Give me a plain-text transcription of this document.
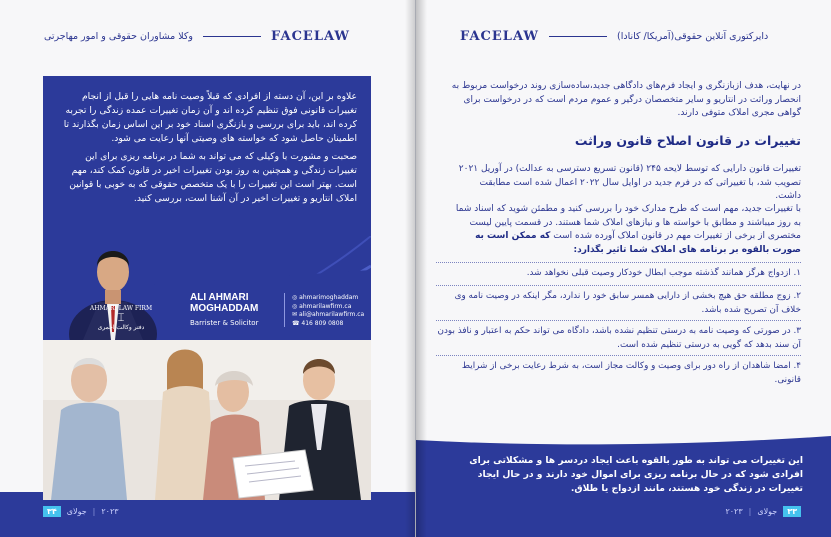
وکلا مشاوران حقوقی و امور مهاجرتی	FACELAW

علاوه بر این، آن دسته از افرادی که قبلاً وصیت نامه هایی را قبل از انجام تغییرات قانونی فوق تنظیم کرده اند و آن زمان تغییرات عمده زندگی را تجربه کرده اند، باید برای بررسی و بازنگری اسناد خود بر این اساس زمان بگذارند تا اطمینان حاصل شود که خواسته های وصیتی آنها رعایت می شود.

صحبت و مشورت با وکیلی که می تواند به شما در برنامه ریزی برای این تغییرات زندگی و همچنین به روز بودن تغییرات اخیر در قانون کمک کند، مهم است. بهتر است این تغییرات را با یک متخصص حقوقی که به خوبی با قوانین املاک انتاریو و تغییرات اخیر در آن آشنا است، بررسی کنید.

ALI AHMARI
MOGHADDAM
Barrister & Solicitor
◎ ahmarimoghaddam
◎ ahmarilawfirm.ca
✉ ali@ahmarilawfirm.ca
☎ 416 809 0808
AHMARI LAW FIRM
⌶
دفتر وکالت احمری
۳۴	جولای | ۲۰۲۳
FACELAW	دایرکتوری آنلاین حقوقی(آمریکا/ کانادا)
در نهایت، هدف ازبازنگری و ایجاد فرم‌های دادگاهی جدید،ساده‌سازی روند درخواست مربوط به انحصار وراثت در انتاریو و سایر متخصصان درگیر و عموم مردم است که در درخواست برای گواهی مجری املاک متوفی دارند.
تغییرات در قانون اصلاح قانون وراثت
تغییرات قانون دارایی که توسط لایحه ۲۴۵ (قانون تسریع دسترسی به عدالت) در آوریل ۲۰۲۱ تصویب شد، با تغییراتی که در فرم جدید در اوایل سال ۲۰۲۲ اعمال شده است مطابقت داشت.
با تغییرات جدید، مهم است که طرح مدارک خود را بررسی کنید و مطمئن شوید که اسناد شما به روز میباشند و مطابق با خواسته ها و نیازهای املاک شما هستند. در قسمت پایین لیست مختصری از برخی از تغییرات مهم در قانون املاک آورده شده است که ممکن است به صورت بالقوه بر برنامه های املاک شما تاثیر بگذارد:
۱. ازدواج هرگز همانند گذشته موجب ابطال خودکار وصیت قبلی نخواهد شد.
۲. زوج مطلقه حق هیچ بخشی از دارایی همسر سابق خود را ندارد، مگر اینکه در وصیت نامه وی خلاف آن تصریح شده باشد.
۳. در صورتی که وصیت نامه به درستی تنظیم نشده باشد، دادگاه می تواند حکم به اعتبار و نافذ بودن آن سند بدهد که گویی به درستی تنظیم شده است.
۴. امضا شاهدان از راه دور برای وصیت و وکالت مجاز است، به شرط رعایت برخی از شرایط قانونی.
این تغییرات می تواند به طور بالقوه باعث ایجاد دردسر ها و مشکلاتی برای افرادی شود که در حال برنامه ریزی برای اموال خود دارند و در حال ایجاد تغییرات در زندگی خود هستند، مانند ازدواج یا طلاق.
۳۳
جولای
|
۲۰۲۳
